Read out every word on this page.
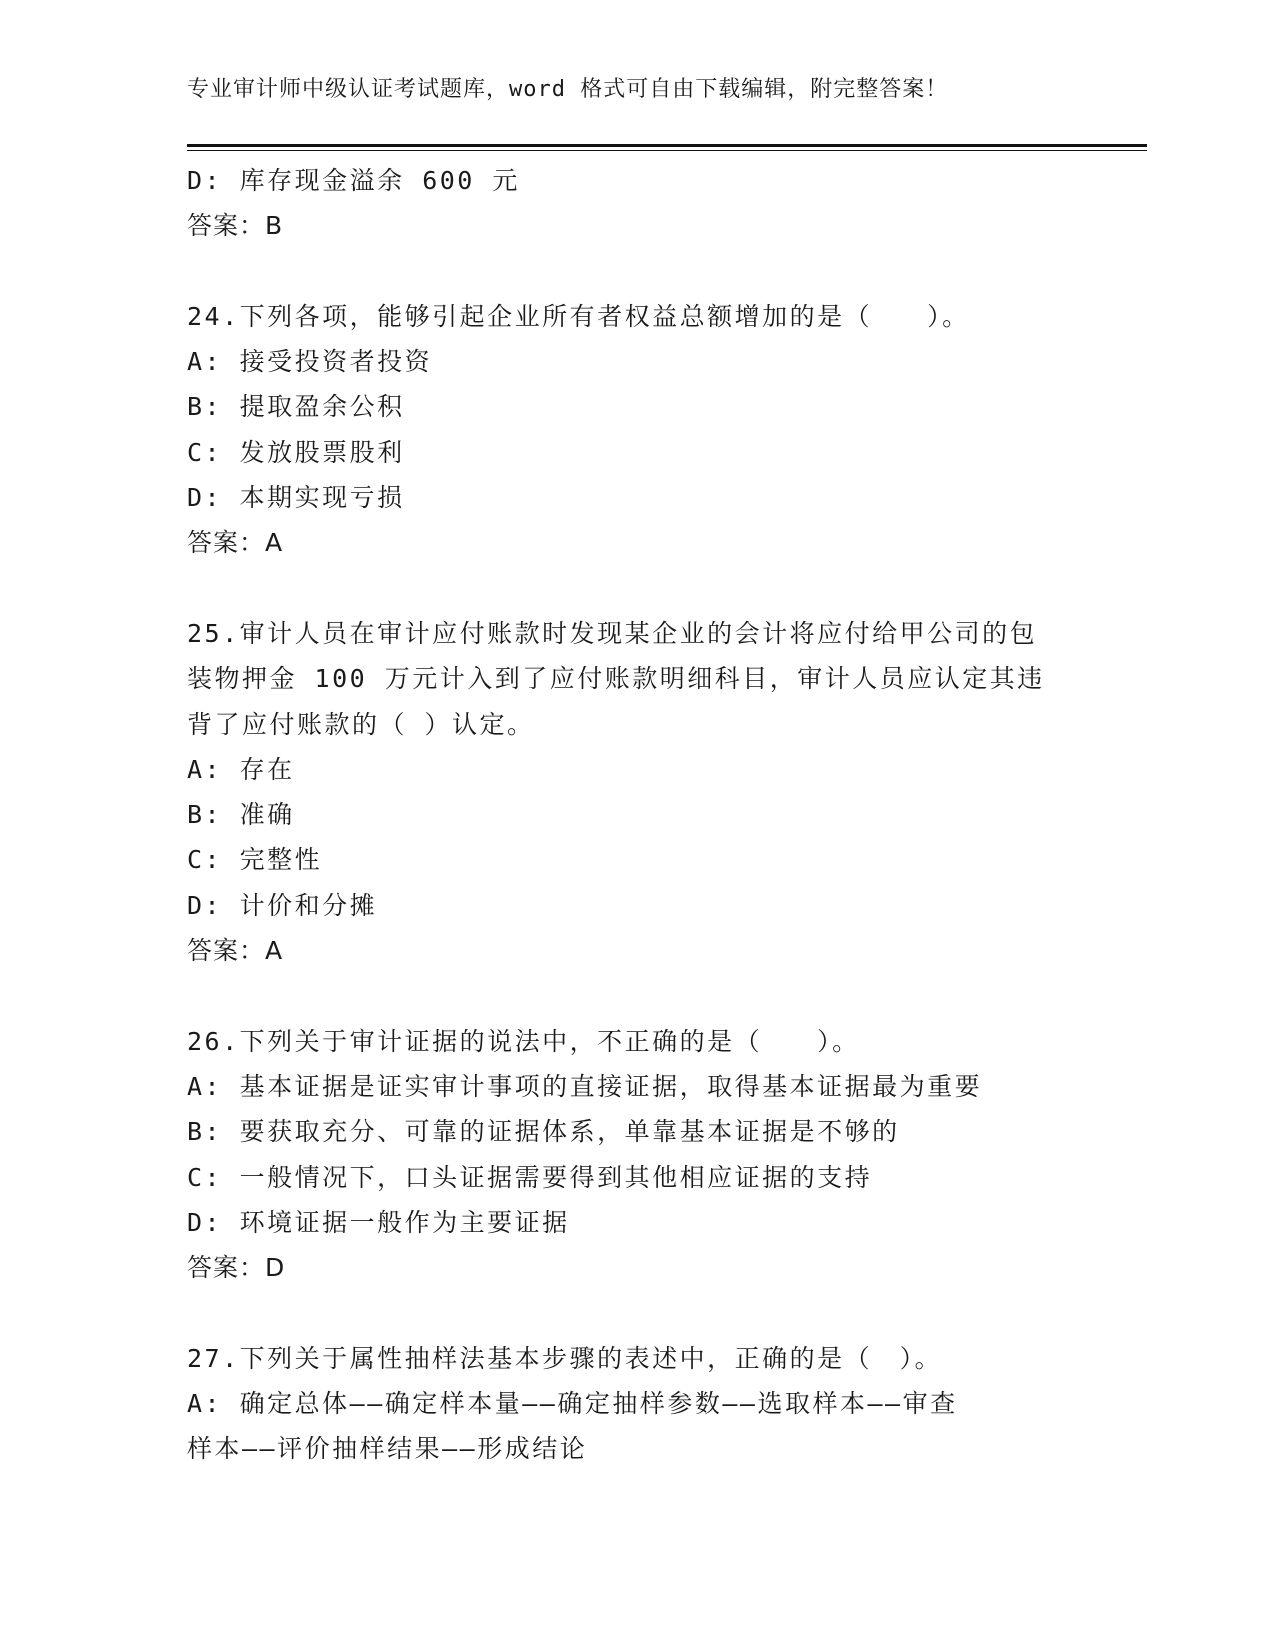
专业审计师中级认证考试题库，word 格式可自由下载编辑，附完整答案！
D: 库存现金溢余 600 元
答案：B
24.下列各项，能够引起企业所有者权益总额增加的是（　　）。
A: 接受投资者投资
B: 提取盈余公积
C: 发放股票股利
D: 本期实现亏损
答案：A
25.审计人员在审计应付账款时发现某企业的会计将应付给甲公司的包
装物押金 100 万元计入到了应付账款明细科目，审计人员应认定其违
背了应付账款的（ ）认定。
A: 存在
B: 准确
C: 完整性
D: 计价和分摊
答案：A
26.下列关于审计证据的说法中，不正确的是（　　）。
A: 基本证据是证实审计事项的直接证据，取得基本证据最为重要
B: 要获取充分、可靠的证据体系，单靠基本证据是不够的
C: 一般情况下，口头证据需要得到其他相应证据的支持
D: 环境证据一般作为主要证据
答案：D
27.下列关于属性抽样法基本步骤的表述中，正确的是（　）。
A: 确定总体——确定样本量——确定抽样参数——选取样本——审查
样本——评价抽样结果——形成结论
